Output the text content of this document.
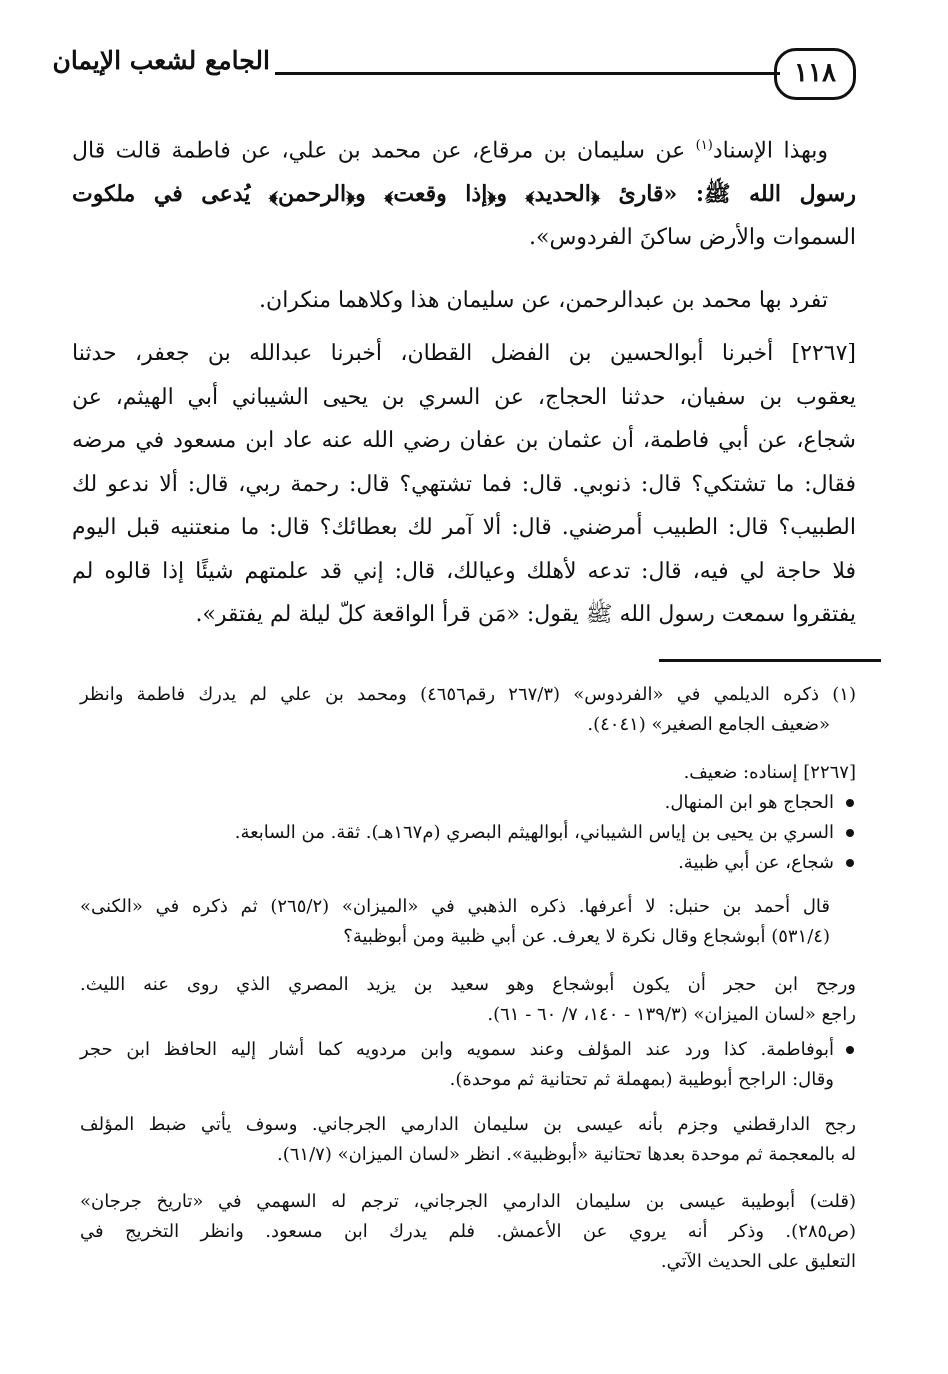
١١٨
الجامع لشعب الإيمان
وبهذا الإسناد$^{(١)}$ عن سليمان بن مرقاع، عن محمد بن علي، عن فاطمة قالت قال
رسول الله ﷺ: «قارئ ﴿الحديد﴾ و﴿إذا وقعت﴾ و﴿الرحمن﴾ يُدعى في ملكوت
السموات والأرض ساكنَ الفردوس».
تفرد بها محمد بن عبدالرحمن، عن سليمان هذا وكلاهما منكران.
[٢٢٦٧] أخبرنا أبوالحسين بن الفضل القطان، أخبرنا عبدالله بن جعفر، حدثنا
يعقوب بن سفيان، حدثنا الحجاج، عن السري بن يحيى الشيباني أبي الهيثم، عن
شجاع، عن أبي فاطمة، أن عثمان بن عفان رضي الله عنه عاد ابن مسعود في مرضه
فقال: ما تشتكي؟ قال: ذنوبي. قال: فما تشتهي؟ قال: رحمة ربي، قال: ألا ندعو لك
الطبيب؟ قال: الطبيب أمرضني. قال: ألا آمر لك بعطائك؟ قال: ما منعتنيه قبل اليوم
فلا حاجة لي فيه، قال: تدعه لأهلك وعيالك، قال: إني قد علمتهم شيئًا إذا قالوه لم
يفتقروا سمعت رسول الله ﷺ يقول: «مَن قرأ الواقعة كلّ ليلة لم يفتقر».
(١) ذكره الديلمي في «الفردوس» (٢٦٧/٣ رقم٤٦٥٦) ومحمد بن علي لم يدرك فاطمة وانظر
«ضعيف الجامع الصغير» (٤٠٤١).
[٢٢٦٧] إسناده: ضعيف.
الحجاج هو ابن المنهال.
السري بن يحيى بن إياس الشيباني، أبوالهيثم البصري (م١٦٧هـ). ثقة. من السابعة.
شجاع، عن أبي ظبية.
قال أحمد بن حنبل: لا أعرفها. ذكره الذهبي في «الميزان» (٢٦٥/٢) ثم ذكره في «الكنى»
(٥٣١/٤) أبوشجاع وقال نكرة لا يعرف. عن أبي ظبية ومن أبوظبية؟
ورجح ابن حجر أن يكون أبوشجاع وهو سعيد بن يزيد المصري الذي روى عنه الليث.
راجع «لسان الميزان» (١٣٩/٣ - ١٤٠، ٧/ ٦٠ - ٦١).
أبوفاطمة. كذا ورد عند المؤلف وعند سمويه وابن مردويه كما أشار إليه الحافظ ابن حجر
وقال: الراجح أبوطيبة (بمهملة ثم تحتانية ثم موحدة).
رجح الدارقطني وجزم بأنه عيسى بن سليمان الدارمي الجرجاني. وسوف يأتي ضبط المؤلف
له بالمعجمة ثم موحدة بعدها تحتانية «أبوظبية». انظر «لسان الميزان» (٦١/٧).
(قلت) أبوطيبة عيسى بن سليمان الدارمي الجرجاني، ترجم له السهمي في «تاريخ جرجان»
(ص٢٨٥). وذكر أنه يروي عن الأعمش. فلم يدرك ابن مسعود. وانظر التخريج في
التعليق على الحديث الآتي.
